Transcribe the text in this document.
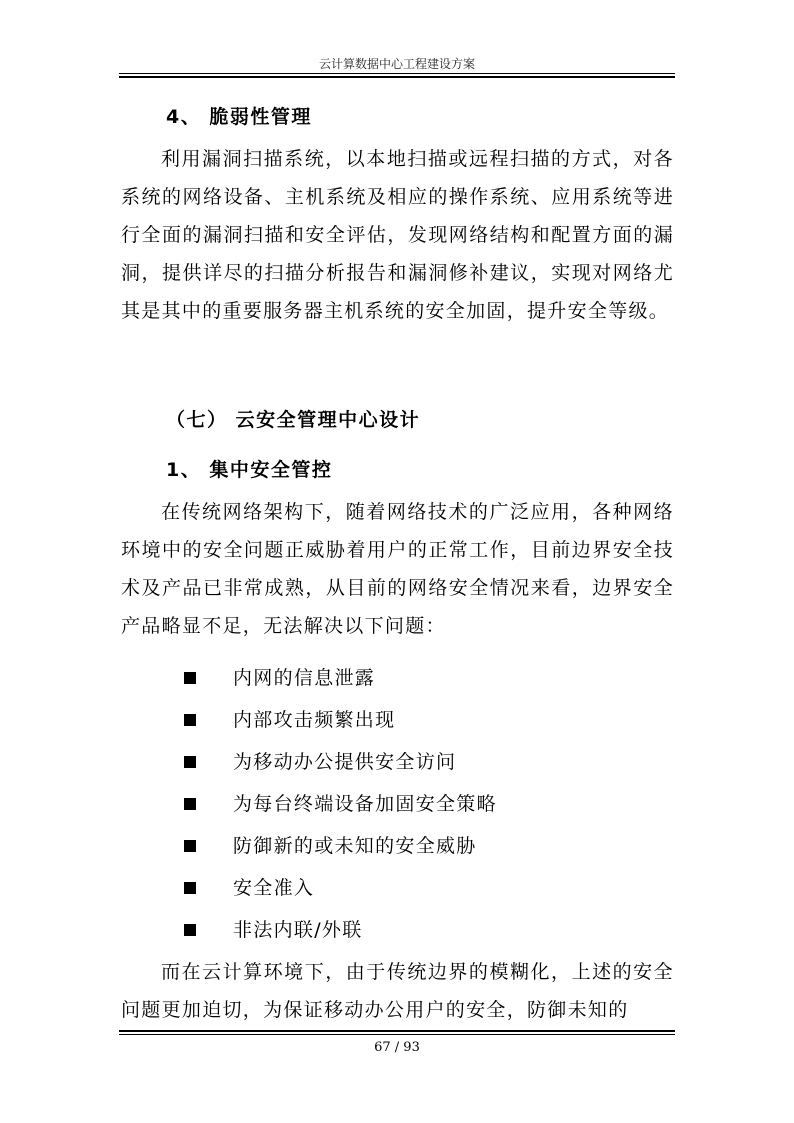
云计算数据中心工程建设方案
4、 脆弱性管理
利用漏洞扫描系统，以本地扫描或远程扫描的方式，对各系统的网络设备、主机系统及相应的操作系统、应用系统等进行全面的漏洞扫描和安全评估，发现网络结构和配置方面的漏洞，提供详尽的扫描分析报告和漏洞修补建议，实现对网络尤其是其中的重要服务器主机系统的安全加固，提升安全等级。
（七） 云安全管理中心设计
1、 集中安全管控
在传统网络架构下，随着网络技术的广泛应用，各种网络环境中的安全问题正威胁着用户的正常工作，目前边界安全技术及产品已非常成熟，从目前的网络安全情况来看，边界安全产品略显不足，无法解决以下问题：
内网的信息泄露
内部攻击频繁出现
为移动办公提供安全访问
为每台终端设备加固安全策略
防御新的或未知的安全威胁
安全准入
非法内联/外联
而在云计算环境下，由于传统边界的模糊化，上述的安全问题更加迫切，为保证移动办公用户的安全，防御未知的
67 / 93
